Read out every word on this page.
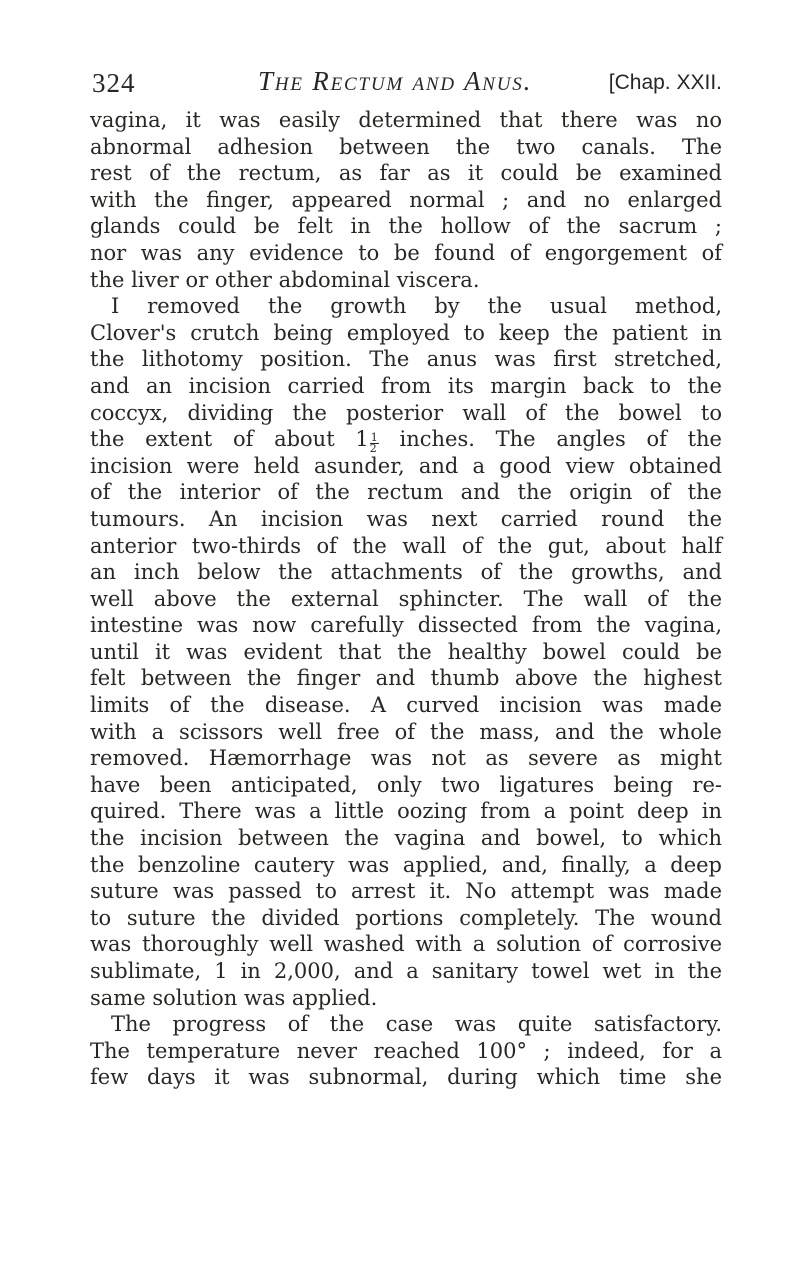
324	The Rectum and Anus.	[Chap. XXII.
vagina, it was easily determined that there was no
abnormal adhesion between the two canals. The
rest of the rectum, as far as it could be examined
with the finger, appeared normal ; and no enlarged
glands could be felt in the hollow of the sacrum ;
nor was any evidence to be found of engorgement of
the liver or other abdominal viscera.
I removed the growth by the usual method,
Clover's crutch being employed to keep the patient in
the lithotomy position. The anus was first stretched,
and an incision carried from its margin back to the
coccyx, dividing the posterior wall of the bowel to
the extent of about $1 \frac{1}{2}$ inches. The angles of the
incision were held asunder, and a good view obtained
of the interior of the rectum and the origin of the
tumours. An incision was next carried round the
anterior two-thirds of the wall of the gut, about half
an inch below the attachments of the growths, and
well above the external sphincter. The wall of the
intestine was now carefully dissected from the vagina,
until it was evident that the healthy bowel could be
felt between the finger and thumb above the highest
limits of the disease. A curved incision was made
with a scissors well free of the mass, and the whole
removed. Hæmorrhage was not as severe as might
have been anticipated, only two ligatures being re-
quired. There was a little oozing from a point deep in
the incision between the vagina and bowel, to which
the benzoline cautery was applied, and, finally, a deep
suture was passed to arrest it. No attempt was made
to suture the divided portions completely. The wound
was thoroughly well washed with a solution of corrosive
sublimate, 1 in 2,000, and a sanitary towel wet in the
same solution was applied.
The progress of the case was quite satisfactory.
The temperature never reached 100° ; indeed, for a
few days it was subnormal, during which time she
